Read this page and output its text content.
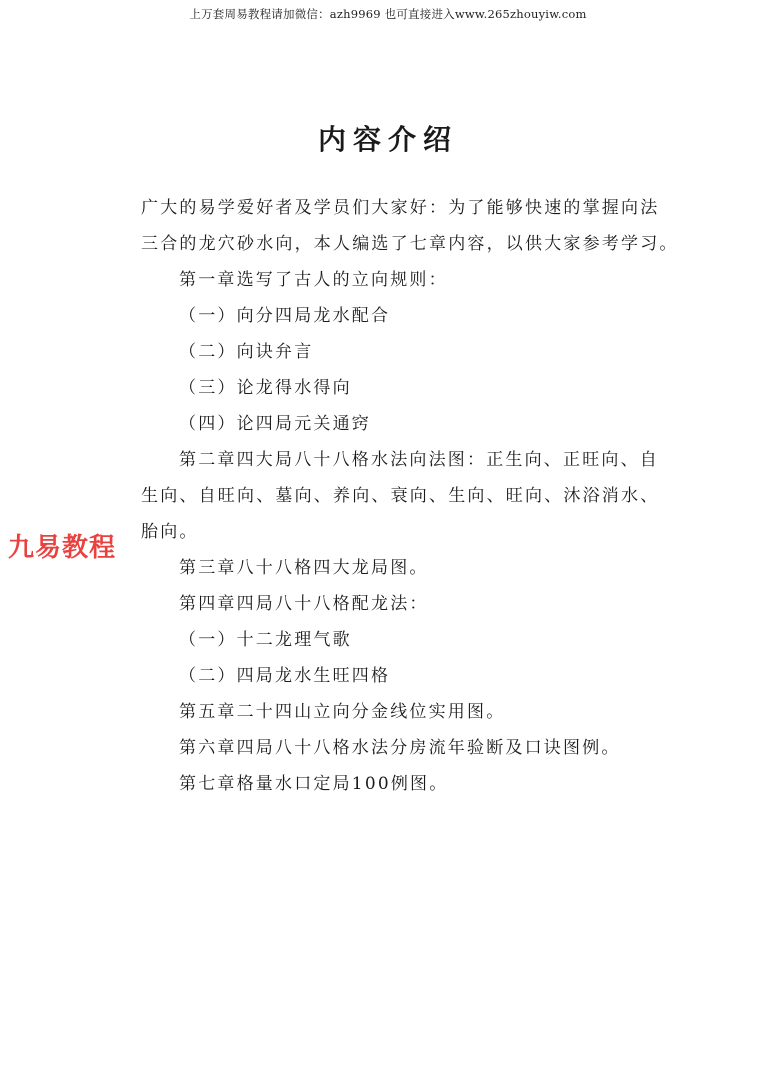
上万套周易教程请加微信：azh9969 也可直接进入www.265zhouyiw.com
内容介绍
广大的易学爱好者及学员们大家好：为了能够快速的掌握向法
三合的龙穴砂水向，本人编选了七章内容，以供大家参考学习。
第一章选写了古人的立向规则：
（一）向分四局龙水配合
（二）向诀弁言
（三）论龙得水得向
（四）论四局元关通窍
第二章四大局八十八格水法向法图：正生向、正旺向、自
生向、自旺向、墓向、养向、衰向、生向、旺向、沐浴消水、
胎向。
第三章八十八格四大龙局图。
第四章四局八十八格配龙法：
（一）十二龙理气歌
（二）四局龙水生旺四格
第五章二十四山立向分金线位实用图。
第六章四局八十八格水法分房流年验断及口诀图例。
第七章格量水口定局100例图。
九易教程
